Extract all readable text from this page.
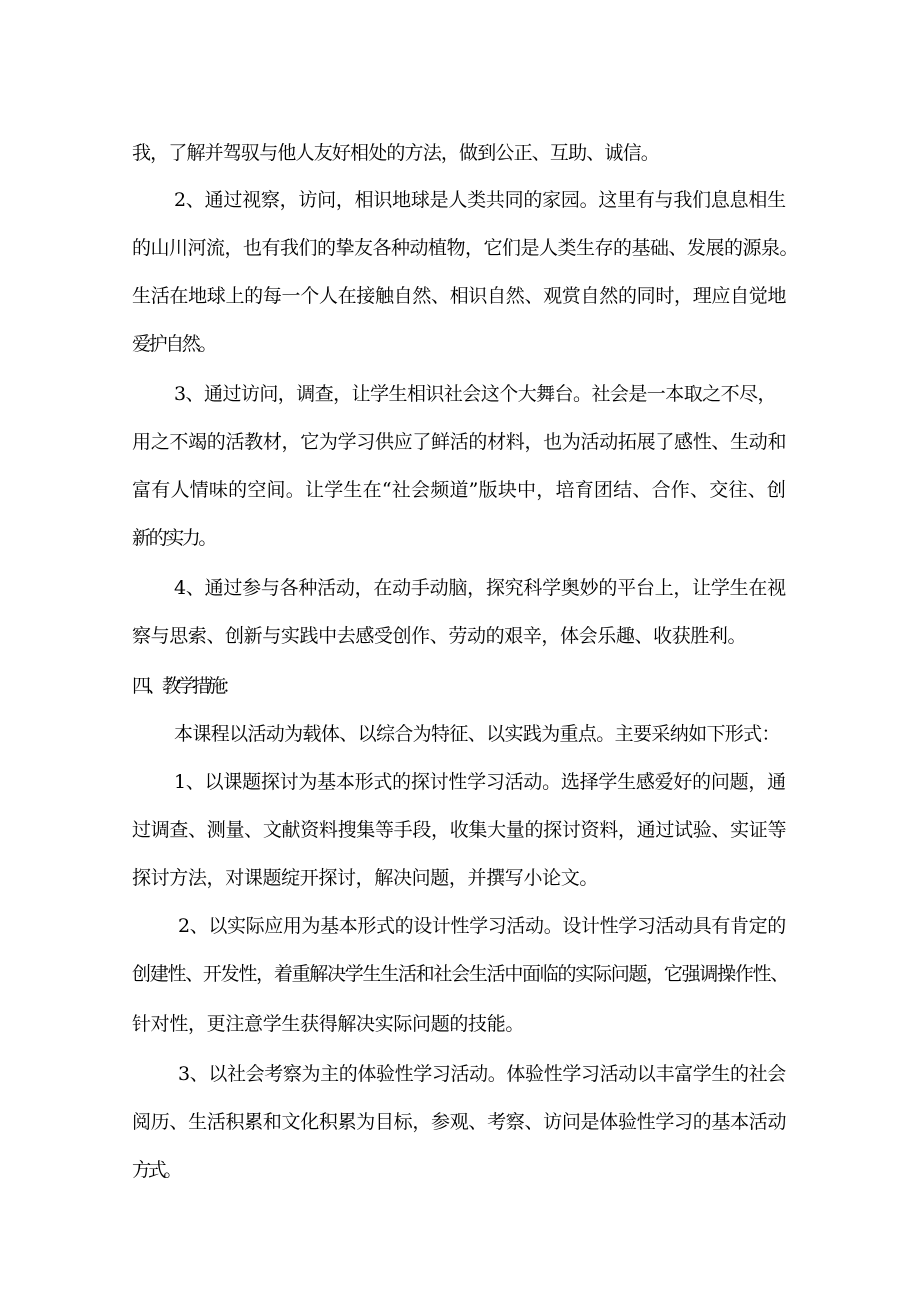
我，了解并驾驭与他人友好相处的方法，做到公正、互助、诚信。
2、通过视察，访问，相识地球是人类共同的家园。这里有与我们息息相生
的山川河流，也有我们的挚友各种动植物，它们是人类生存的基础、发展的源泉。
生活在地球上的每一个人在接触自然、相识自然、观赏自然的同时，理应自觉地
爱护自然。
3、通过访问，调查，让学生相识社会这个大舞台。社会是一本取之不尽，
用之不竭的活教材，它为学习供应了鲜活的材料，也为活动拓展了感性、生动和
富有人情味的空间。让学生在“社会频道”版块中，培育团结、合作、交往、创
新的实力。
4、通过参与各种活动，在动手动脑，探究科学奥妙的平台上，让学生在视
察与思索、创新与实践中去感受创作、劳动的艰辛，体会乐趣、收获胜利。
四、教学措施：
本课程以活动为载体、以综合为特征、以实践为重点。主要采纳如下形式：
1、以课题探讨为基本形式的探讨性学习活动。选择学生感爱好的问题，通
过调查、测量、文献资料搜集等手段，收集大量的探讨资料，通过试验、实证等
探讨方法，对课题绽开探讨，解决问题，并撰写小论文。
2、以实际应用为基本形式的设计性学习活动。设计性学习活动具有肯定的
创建性、开发性，着重解决学生生活和社会生活中面临的实际问题，它强调操作性、
针对性，更注意学生获得解决实际问题的技能。
3、以社会考察为主的体验性学习活动。体验性学习活动以丰富学生的社会
阅历、生活积累和文化积累为目标，参观、考察、访问是体验性学习的基本活动
方式。
